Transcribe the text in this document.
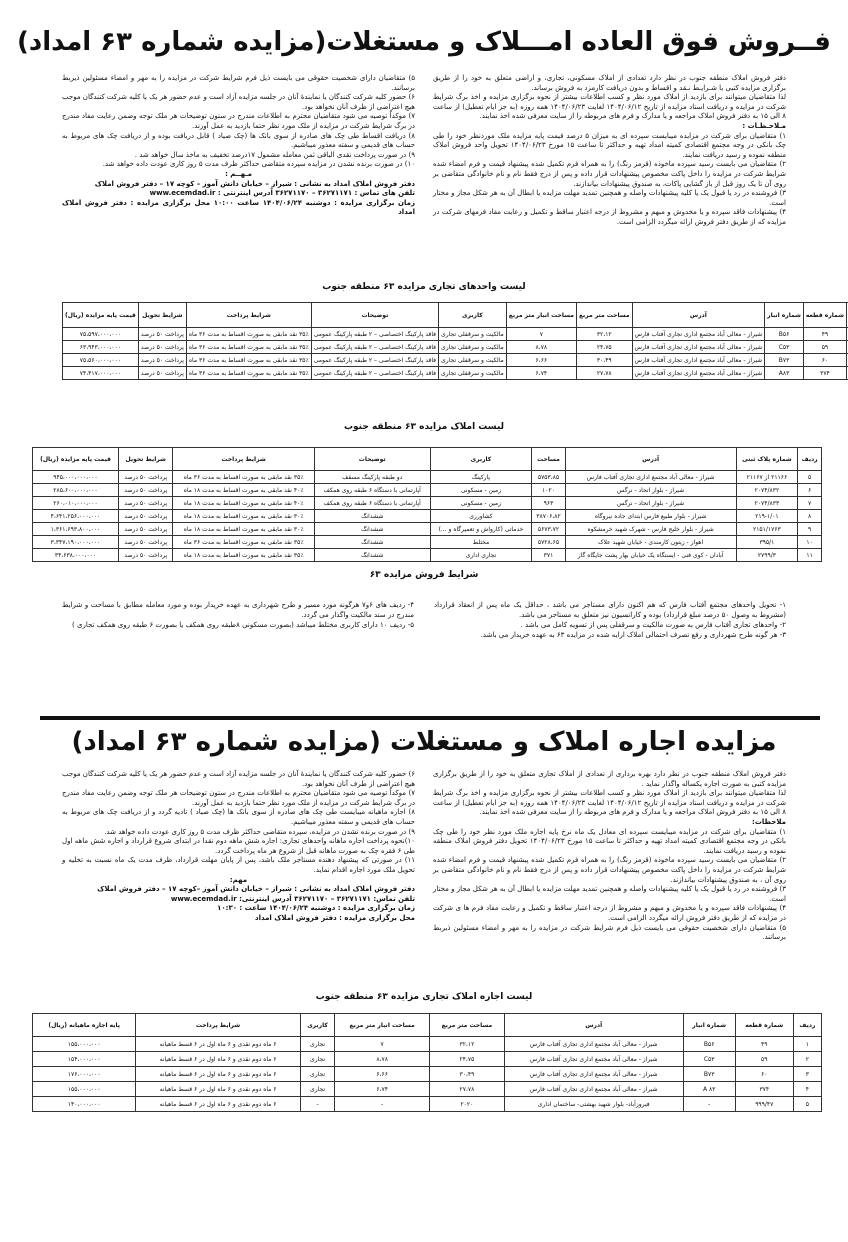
فــروش فوق العاده امـــلاک و مستغلات(مزایده شماره ۶۳ امداد)

دفتر فروش املاک منطقه جنوب در نظر دارد تعدادی از املاک مسکونی، تجاری، و اراضی متعلق به خود را از طریق برگزاری مزایده کتبی با شـرایـط نـقد و اقساط و بدون دریافت کارمزد به فروش برساند.

لذا متقاضیان میتوانند برای بازدید از املاک مورد نظر و کسب اطلاعات بیشتر از نحوه برگزاری مزایده و اخذ برگ شرایط شرکت در مزایده و دریافت اسناد مزایده از تاریخ ۱۴۰۴/۰۶/۱۲ لغایت ۱۴۰۴/۰۶/۲۳ همه روزه (به جز ایام تعطیل) از ساعت ۸ الی ۱۵ به دفتر فروش املاک مراجعه و یا مدارک و فرم های مربوطه را از سایت معرفی شده اخذ نمایند.

مـلاحـظـات :

۱) متقاضیان برای شرکت در مزایده میبایست سپرده ای به میزان ۵ درصد قیمت پایه مزایده ملک موردنظر خود را طی چک بانکی در وجه مجتمع اقتصادی کمیته امداد تهیه و حداکثر تا ساعت ۱۵ مورخ ۱۴۰۴/۰۶/۲۳ تحویل واحد فروش املاک منطقه نموده و رسید دریافت نمایند.

۲) متقاضیان می بایست رسید سپرده ماخوذه (قرمز رنگ) را به همراه فرم تکمیل شده پیشنهاد قیمت و فرم امضاء شده شرایط شرکت در مزایده را داخل پاکت مخصوص پیشنهادات قرار داده و پس از درج فقط نام و نام خانوادگی متقاضی بر روی آن تا یک روز قبل از باز گشایی پاکات، به صندوق پیشنهادات بیاندازند.

۳) فروشنده در رد یا قبول یک یا کلیه پیشنهادات واصله و همچنین تمدید مهلت مزایده یا ابطال آن به هر شکل مجاز و مختار است.

۴) پیشنهادات فاقد سپرده و یا مخدوش و مبهم و مشروط از درجه اعتبار ساقط و تکمیل و رعایت مفاد فرمهای شرکت در مزایده که از طریق دفتر فروش ارائه میگردد الزامی است.

۵) متقاضیان دارای شخصیت حقوقی می بایست ذیل فرم شرایط شرکت در مزایده را به مهر و امضاء مسئولین ذیربط برسانند.

۶) حضور کلیه شرکت کنندگان یا نمایندۀ آنان در جلسه مزایده آزاد است و عدم حضور هر یک یا کلیه شرکت کنندگان موجب هیچ اعتراضی از طرف آنان نخواهد بود.

۷) موکداً توصیه می شود متقاضیان محترم به اطلاعات مندرج در ستون توضیحات هر ملک توجه وضمن رعایت مفاد مندرج در برگ شرایط شرکت در مزایده از ملک مورد نظر حتما بازدید به عمل آورند.

۸) دریافت اقساط طی چک های صادره از سوی بانک ها (چک صیاد ) قابل دریافت بوده و از دریافت چک های مربوط به حساب های قدیمی و سفته معذور میباشیم.

۹) در صورت پرداخت نقدی الباقی ثمن معامله مشمول ۱۷درصد تخفیف به ماخذ سال خواهد شد .

۱۰) در صورت برنده نشدن در مزایده سپرده متقاضی حداکثر ظرف مدت ۵ روز کاری عودت داده خواهد شد.

مـهــم :

دفتر فروش املاک امداد به نشانی : شیراز – خیابان دانش آموز – کوچه ۱۷ – دفتر فروش املاک

تلفن های تماس : ۳۶۲۷۱۱۷۱ – ۳۶۲۷۱۱۷۰ آدرس اینترنتی : www.ecemdad.ir

زمان برگزاری مزایده : دوشنبه ۱۴۰۴/۰۶/۲۴ ساعت ۱۰:۰۰ محل برگزاری مزایده : دفتر فروش املاک امداد

لیست واحدهای تجاری مزایده ۶۳ منطقه جنوب
	شماره قطعه	شماره انبار	آدرس	مساحت متر مربع	مساحت انبار متر مربع	کاربری	توضیحات	شرایط پرداخت	شرایط تحویل	قیمت پایه مزایده (ریال)
	۴۹	B۵۶	شیراز - معالی آباد مجتمع اداری تجاری آفتاب فارس	۳۲،۱۲	۷	مالکیت و سرقفلی تجاری	فاقد پارکینگ اختصاصی – ۲ طبقه پارکینگ عمومی	۳۵٪ نقد مابقی به صورت اقساط به مدت ۳۶ ماه	پرداخت ۵۰ درصد	۷۵،۵۹۷،۰۰۰،۰۰۰
	۵۹	C۵۳	شیراز - معالی آباد مجتمع اداری تجاری آفتاب فارس	۲۴،۷۵	۸،۷۸	مالکیت و سرقفلی تجاری	فاقد پارکینگ اختصاصی – ۲ طبقه پارکینگ عمومی	۳۵٪ نقد مابقی به صورت اقساط به مدت ۳۶ ماه	پرداخت ۵۰ درصد	۶۳،۹۴۳،۰۰۰،۰۰۰
	۶۰	B۷۳	شیراز - معالی آباد مجتمع اداری تجاری آفتاب فارس	۳۰،۴۹	۶،۶۶	مالکیت و سرقفلی تجاری	فاقد پارکینگ اختصاصی – ۲ طبقه پارکینگ عمومی	۳۵٪ نقد مابقی به صورت اقساط به مدت ۳۶ ماه	پرداخت ۵۰ درصد	۷۵،۵۶۰،۰۰۰،۰۰۰
	۳۷۴	A۸۳	شیراز - معالی آباد مجتمع اداری تجاری آفتاب فارس	۲۷،۷۸	۶،۷۴	مالکیت و سرقفلی تجاری	فاقد پارکینگ اختصاصی – ۲ طبقه پارکینگ عمومی	۳۵٪ نقد مابقی به صورت اقساط به مدت ۳۶ ماه	پرداخت ۵۰ درصد	۷۴،۴۱۷،۰۰۰،۰۰۰
لیست املاک مزایده ۶۳ منطقه جنوب
ردیف	شماره پلاک ثبتی	آدرس	مساحت	کاربری	توضیحات	شرایط پرداخت	شرایط تحویل	قیمت پایه مزایده (ریال)
۵	۲۱۱۶۶ از ۲۱۱۶۷	شیراز - معالی آباد مجتمع اداری تجاری آفتاب فارس	۵۷۵۳،۸۵	پارکینگ	دو طبقه پارکینگ مسقف	۳۵٪ نقد مابقی به صورت اقساط به مدت ۳۶ ماه	پرداخت ۵۰ درصد	۹۴۵،۰۰۰،۰۰۰،۰۰۰
۶	۲۰۷۴/۸۳۲	شیراز - بلوار اتحاد - نرگس	۱۰۲۰	زمین - مسکونی	آپارتمانی با دستگاه ۶ طبقه روی همکف	۴۰٪ نقد مابقی به صورت اقساط به مدت ۱۸ ماه	پرداخت ۵۰ درصد	۲۸۵،۶۰۰،۰۰۰،۰۰۰
۷	۲۰۷۴/۸۳۳	شیراز - بلوار اتحاد - نرگس	۹۶۳	زمین - مسکونی	آپارتمانی با دستگاه ۶ طبقه روی همکف	۴۰٪ نقد مابقی به صورت اقساط به مدت ۱۸ ماه	پرداخت ۵۰ درصد	۲۶۰،۰۱۰،۰۰۰،۰۰۰
۸	۲۱۹-۱/۰۱	شیراز - بلوار طبیع فارس ابتدای جاده نیروگاه	۳۸۷۰۶،۸۲	کشاورزی	ششدانگ	۳۰٪ نقد مابقی به صورت اقساط به مدت ۱۸ ماه	پرداخت ۵۰ درصد	۴،۶۴۱،۲۵۶،۰۰۰،۰۰۰
۹	۲۱۵۱/۱۷۶۳	شیراز - بلوار خلیج فارس - شهرک شهید خرمشکوه	۵۶۷۳،۷۲	خدماتی (کارواش و تعمیرگاه و ...)	ششدانگ	۳۰٪ نقد مابقی به صورت اقساط به مدت ۱۸ ماه	پرداخت ۵۰ درصد	۱،۳۶۱،۶۹۳،۸۰۰،۰۰۰
۱۰	۳۹۵/۱	اهواز - زیتون کارمندی - خیابان شهید علاک	۵۷۲۸،۶۵	مختلط	ششدانگ	۳۵٪ نقد مابقی به صورت اقساط به مدت ۳۶ ماه	پرداخت ۵۰ درصد	۳،۳۴۷،۱۹۰،۰۰۰،۰۰۰
۱۱	۲۷۹۹/۳	آبادان - کوی فنی - ایستگاه یک خیابان بهار پشت جایگاه گاز	۳۷۱	تجاری اداری	ششدانگ	۳۵٪ نقد مابقی به صورت اقساط به مدت ۱۸ ماه	پرداخت ۵۰ درصد	۳۴،۶۳۸،۰۰۰،۰۰۰
شرایط فروش مزایده ۶۳

۱- تحویل واحدهای مجتمع آفتاب فارس که هم اکنون دارای مستاجر می باشد ، حداقل یک ماه پس از انعقاد قرارداد (مشروط به وصول ۵۰ درصد مبلغ قرارداد) بوده و کارانسیون نیز متعلق به مستاجر می باشد.

۲- واحدهای تجاری آفتاب فارس به صورت مالکیت و سرقفلی پس از تسویه کامل می باشد .

۳- هر گونه طرح شهرداری و رفع تصرف احتمالی املاک ارایه شده در مزایده ۶۳ به عهده خریدار می باشد.

۴- ردیف های ۶و۷ هرگونه مورد مسیر و طرح شهرداری به عهده خریدار بوده و مورد معامله مطابق با مساحت و شرایط مندرج در سند مالکیت واگذار می گردد.

۵- ردیف ۱۰ دارای کاربری مختلط میباشد (بصورت مسکونی ۸طبقه روی همکف یا بصورت ۶ طبقه روی همکف تجاری )

مزایده اجاره املاک و مستغلات (مزایده شماره ۶۳ امداد)

دفتر فروش املاک منطقه جنوب در نظر دارد بهره برداری از تعدادی از املاک تجاری متعلق به خود را از طریق برگزاری مزایده کتبی به صورت اجاره یکساله واگذار نماید .

لذا متقاضیان میتوانند برای بازدید از املاک مورد نظر و کسب اطلاعات بیشتر از نحوه برگزاری مزایده و اخذ برگ شرایط شرکت در مزایده و دریافت اسناد مزایده از تاریخ ۱۴۰۴/۰۶/۱۲ لغایت ۱۴۰۴/۰۶/۲۳ همه روزه (به جز ایام تعطیل) از ساعت ۸ الی ۱۵ به دفتر فروش املاک مراجعه و یا مدارک و فرم های مربوطه را از سایت معرفی شده اخذ نمایند.

ملاحظات:

۱) متقاضیان برای شرکت در مزایده میبایست سپرده ای معادل یک ماه نرخ پایه اجاره ملک مورد نظر خود را طی چک بانکی در وجه مجتمع اقتصادی کمیته امداد تهیه و حداکثر تا ساعت ۱۵ مورخ ۱۴۰۴/۰۶/۲۳ تحویل دفتر فروش املاک منطقه نموده و رسید دریافت نمایند.

۲) متقاضیان می بایست رسید سپرده ماخوذه (قرمز رنگ) را به همراه فرم تکمیل شده پیشنهاد قیمت و فرم امضاء شده شرایط شرکت در مزایده را داخل پاکت مخصوص پیشنهادات قرار داده و پس از درج فقط نام و نام خانوادگی متقاضی بر روی آن ، به صندوق پیشنهادات بیاندازند.

۳) فروشنده در رد یا قبول یک یا کلیه پیشنهادات واصله و همچنین تمدید مهلت مزایده یا ابطال آن به هر شکل مجاز و مختار است.

۴) پیشنهادات فاقد سپرده و یا مخدوش و مبهم و مشروط از درجه اعتبار ساقط و تکمیل و رعایت مفاد فرم ها ی شرکت در مزایده که از طریق دفتر فروش ارائه میگردد الزامی است.

۵) متقاضیان دارای شخصیت حقوقی می بایست ذیل فرم شرایط شرکت در مزایده را به مهر و امضاء مسئولین ذیربط برسانند.

۶) حضور کلیه شرکت کنندگان یا نمایندۀ آنان در جلسه مزایده آزاد است و عدم حضور هر یک یا کلیه شرکت کنندگان موجب هیچ اعتراضی از طرف آنان نخواهد بود.

۷) موکداً توصیه می شود متقاضیان محترم به اطلاعات مندرج در ستون توضیحات هر ملک توجه وضمن رعایت مفاد مندرج در برگ شرایط شرکت در مزایده از ملک مورد نظر حتما بازدید به عمل آورند.

۸) اجاره ماهیانه میبایست طی چک های صادره از سوی بانک ها (چک صیاد ) تادیه گردد و از دریافت چک های مربوط به حساب های قدیمی و سفته معذور میباشیم.

۹) در صورت برنده نشدن در مزایده، سپرده متقاضی حداکثر ظرف مدت ۵ روز کاری عودت داده خواهد شد.

۱۰)نحوه پرداخت اجاره ماهانه واحدهای تجاری: اجاره شش ماهه دوم نقدا در ابتدای شروع قرارداد و اجاره شش ماهه اول طی ۶ فقره چک به صورت ماهانه قبل از شروع هر ماه پرداخت گردد.

۱۱) در صورتی که پیشنهاد دهنده مستاجر ملک باشد، پس از پایان مهلت قرارداد، ظرف مدت یک ماه نسبت به تخلیه و تحویل ملک مورد اجاره اقدام نماید.

مهم:

دفتر فروش املاک امداد به نشانی : شیراز – خیابان دانش آموز –کوچه ۱۷ – دفتر فروش املاک

تلفن تماس: ۳۶۲۷۱۱۷۱ – ۳۶۲۷۱۱۷۰ آدرس اینترنتی: www.ecemdad.ir

زمان برگزاری مزایده : دوشنبه ۱۴۰۴/۰۶/۲۴ ساعت : ۱۰:۳۰

محل برگزاری مزایده : دفتر فروش املاک امداد

لیست اجاره املاک تجاری مزایده ۶۳ منطقه جنوب
ردیف	شماره قطعه	شماره انبار	آدرس	مساحت متر مربع	مساحت انبار متر مربع	کاربری	شرایط پرداخت	پایه اجاره ماهیانه (ریال)
۱	۴۹	B۵۶	شیراز - معالی آباد مجتمع اداری تجاری آفتاب فارس	۳۲،۱۲	۷	تجاری	۶ ماه دوم نقدی و ۶ ماه اول در ۶ قسط ماهیانه	۱۵۵،۰۰۰،۰۰۰
۲	۵۹	C۵۳	شیراز - معالی آباد مجتمع اداری تجاری آفتاب فارس	۲۴،۷۵	۸،۷۸	تجاری	۶ ماه دوم نقدی و ۶ ماه اول در ۶ قسط ماهیانه	۱۵۴،۰۰۰،۰۰۰
۳	۶۰	B۷۳	شیراز - معالی آباد مجتمع اداری تجاری آفتاب فارس	۳۰،۴۹	۶،۶۶	تجاری	۶ ماه دوم نقدی و ۶ ماه اول در ۶ قسط ماهیانه	۱۷۶،۰۰۰،۰۰۰
۴	۳۷۴	A ۸۳	شیراز - معالی آباد مجتمع اداری تجاری آفتاب فارس	۲۷،۷۸	۶،۷۴	تجاری	۶ ماه دوم نقدی و ۶ ماه اول در ۶ قسط ماهیانه	۱۵۵،۰۰۰،۰۰۰
۵	۹۹۹/۴۷	-	فیروزآباد- بلوار شهید بهشتی- ساختمان اداری	۲۰۲۰	-	-	۶ ماه دوم نقدی و ۶ ماه اول در ۶ قسط ماهیانه	۱۴۰،۰۰۰،۰۰۰
